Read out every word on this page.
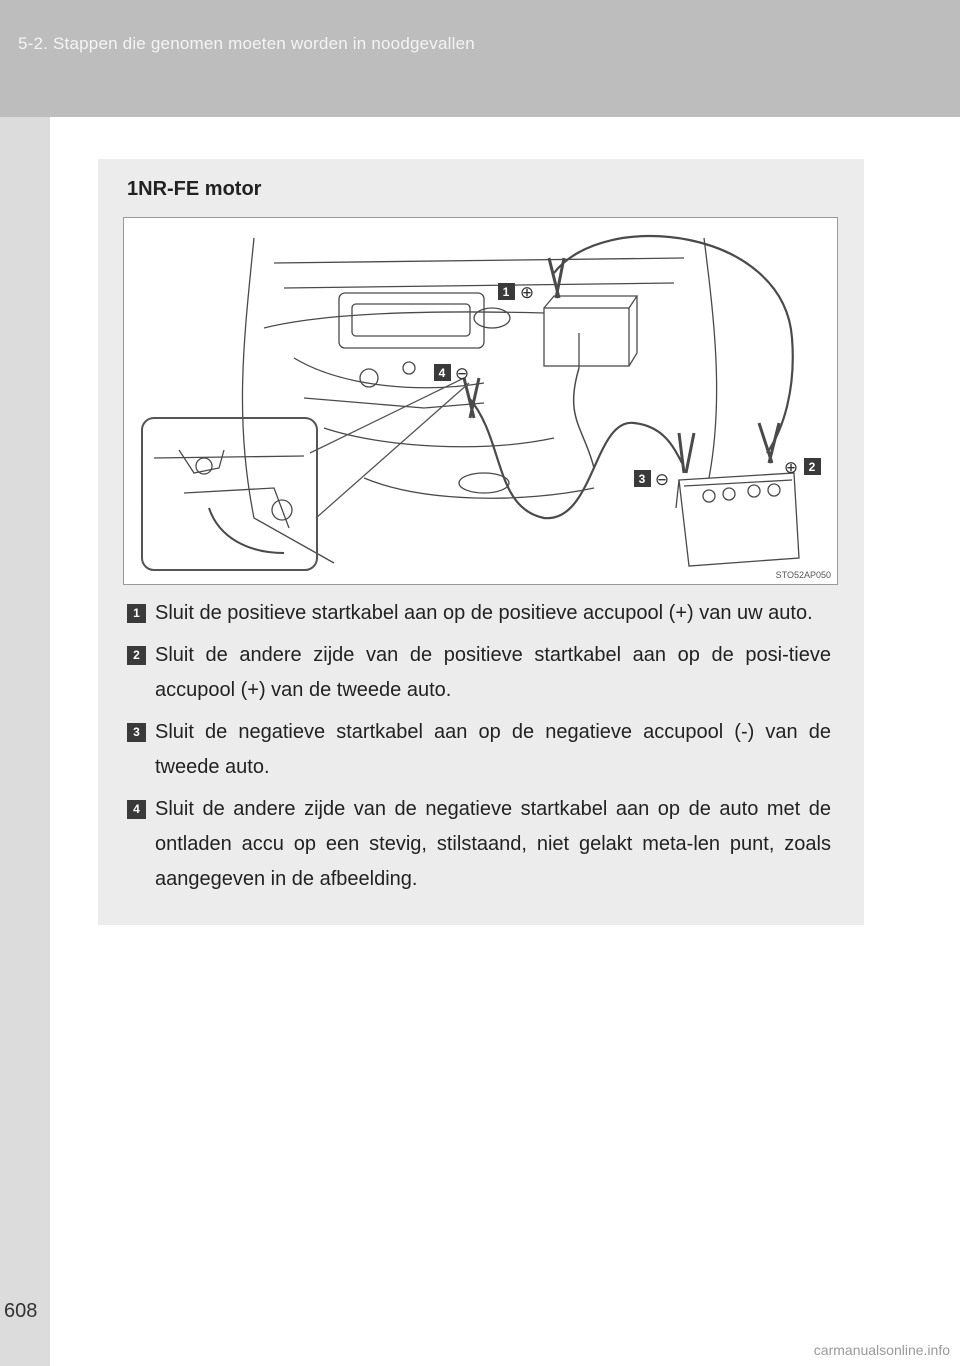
5-2. Stappen die genomen moeten worden in noodgevallen
608
1NR-FE motor
1 ⊕
2
⊕
3 ⊖
4 ⊖
STO52AP050
1 Sluit de positieve startkabel aan op de positieve accupool (+) van uw auto.
2 Sluit de andere zijde van de positieve startkabel aan op de posi-tieve accupool (+) van de tweede auto.
3 Sluit de negatieve startkabel aan op de negatieve accupool (-) van de tweede auto.
4 Sluit de andere zijde van de negatieve startkabel aan op de auto met de ontladen accu op een stevig, stilstaand, niet gelakt meta-len punt, zoals aangegeven in de afbeelding.
carmanualsonline.info
